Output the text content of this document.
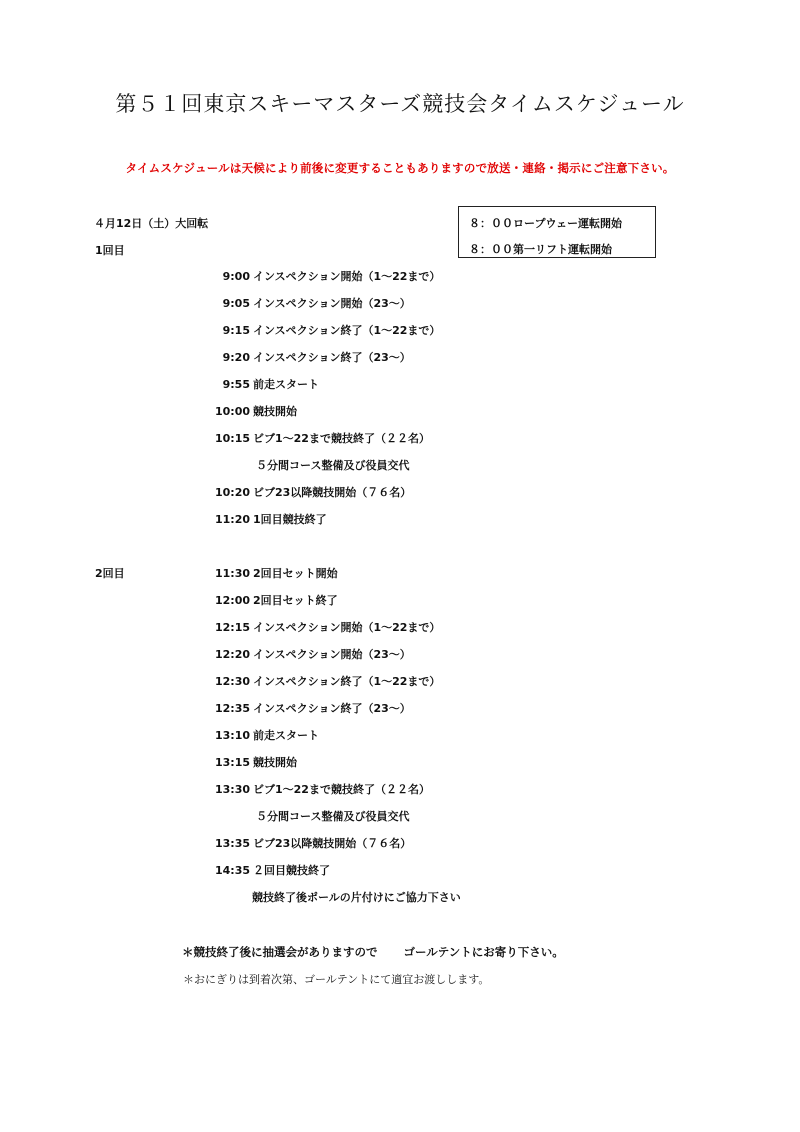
第５１回東京スキーマスターズ競技会タイムスケジュール
タイムスケジュールは天候により前後に変更することもありますので放送・連絡・掲示にご注意下さい。
４月12日（土）大回転	８：００ロープウェー運転開始
８：００第一リフト運転開始
1回目
9:00 インスペクション開始（1～22まで）
9:05 インスペクション開始（23～）
9:15 インスペクション終了（1～22まで）
9:20 インスペクション終了（23～）
9:55 前走スタート
10:00 競技開始
10:15 ビブ1～22まで競技終了（２２名）
５分間コース整備及び役員交代
10:20 ビブ23以降競技開始（７６名）
11:20 1回目競技終了
2回目	11:30 2回目セット開始
12:00 2回目セット終了
12:15 インスペクション開始（1～22まで）
12:20 インスペクション開始（23～）
12:30 インスペクション終了（1～22まで）
12:35 インスペクション終了（23～）
13:10 前走スタート
13:15 競技開始
13:30 ビブ1～22まで競技終了（２２名）
５分間コース整備及び役員交代
13:35 ビブ23以降競技開始（７６名）
14:35 ２回目競技終了
競技終了後ポールの片付けにご協力下さい
＊競技終了後に抽選会がありますので ゴールテントにお寄り下さい。
＊おにぎりは到着次第、ゴールテントにて適宜お渡しします。
